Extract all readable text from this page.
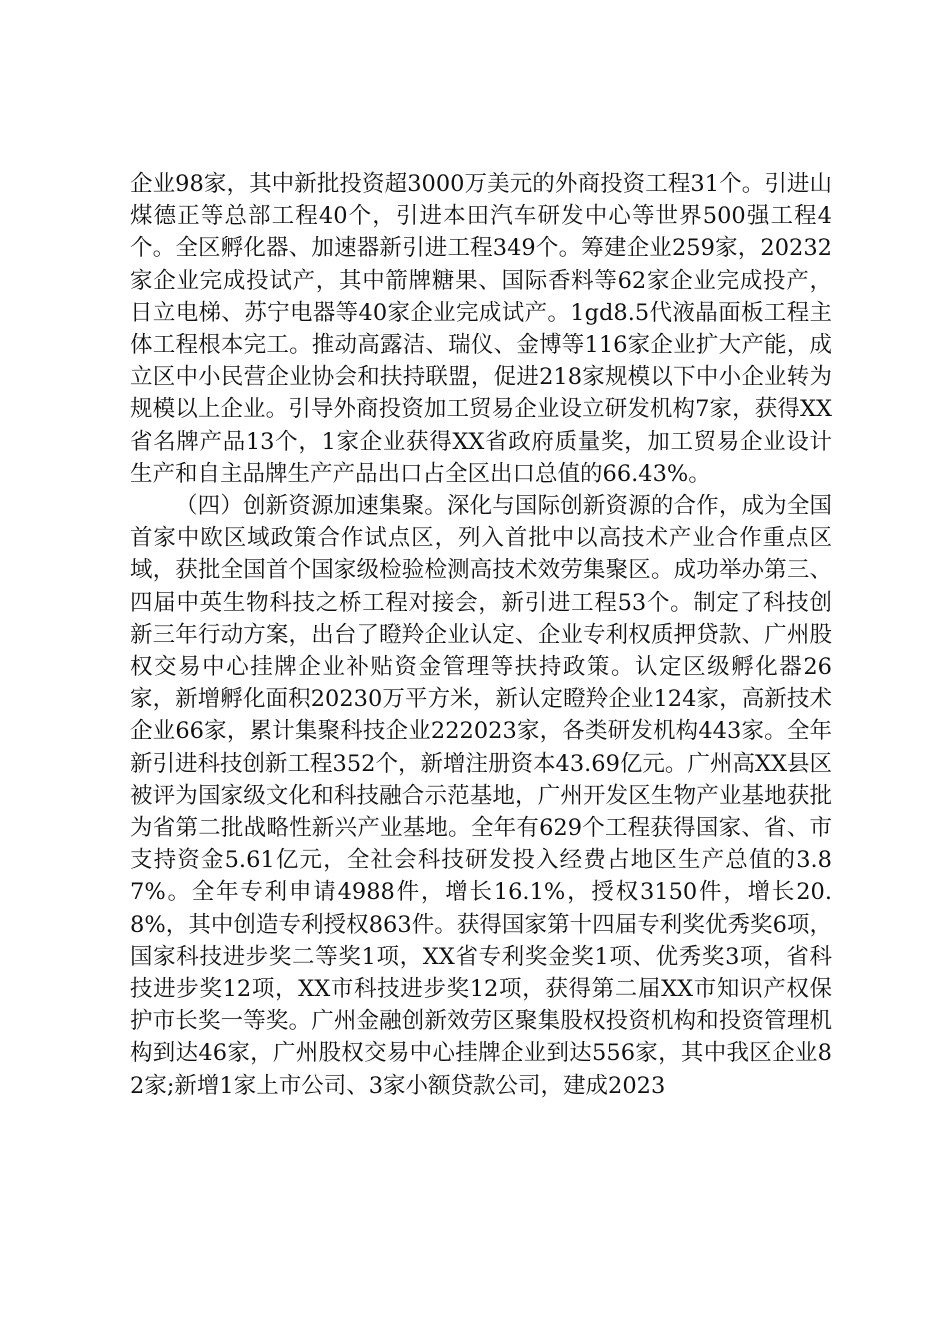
企业98家，其中新批投资超3000万美元的外商投资工程31个。引进山煤德正等总部工程40个，引进本田汽车研发中心等世界500强工程4个。全区孵化器、加速器新引进工程349个。筹建企业259家，20232家企业完成投试产，其中箭牌糖果、国际香料等62家企业完成投产，日立电梯、苏宁电器等40家企业完成试产。1gd8.5代液晶面板工程主体工程根本完工。推动高露洁、瑞仪、金博等116家企业扩大产能，成立区中小民营企业协会和扶持联盟，促进218家规模以下中小企业转为规模以上企业。引导外商投资加工贸易企业设立研发机构7家，获得XX省名牌产品13个，1家企业获得XX省政府质量奖，加工贸易企业设计生产和自主品牌生产产品出口占全区出口总值的66.43%。

（四）创新资源加速集聚。深化与国际创新资源的合作，成为全国首家中欧区域政策合作试点区，列入首批中以高技术产业合作重点区域，获批全国首个国家级检验检测高技术效劳集聚区。成功举办第三、四届中英生物科技之桥工程对接会，新引进工程53个。制定了科技创新三年行动方案，出台了瞪羚企业认定、企业专利权质押贷款、广州股权交易中心挂牌企业补贴资金管理等扶持政策。认定区级孵化器26家，新增孵化面积20230万平方米，新认定瞪羚企业124家，高新技术企业66家，累计集聚科技企业222023家，各类研发机构443家。全年新引进科技创新工程352个，新增注册资本43.69亿元。广州高XX县区被评为国家级文化和科技融合示范基地，广州开发区生物产业基地获批为省第二批战略性新兴产业基地。全年有629个工程获得国家、省、市支持资金5.61亿元，全社会科技研发投入经费占地区生产总值的3.87%。全年专利申请4988件，增长16.1%，授权3150件，增长20.8%，其中创造专利授权863件。获得国家第十四届专利奖优秀奖6项，国家科技进步奖二等奖1项，XX省专利奖金奖1项、优秀奖3项，省科技进步奖12项，XX市科技进步奖12项，获得第二届XX市知识产权保护市长奖一等奖。广州金融创新效劳区聚集股权投资机构和投资管理机构到达46家，广州股权交易中心挂牌企业到达556家，其中我区企业82家;新增1家上市公司、3家小额贷款公司，建成2023
